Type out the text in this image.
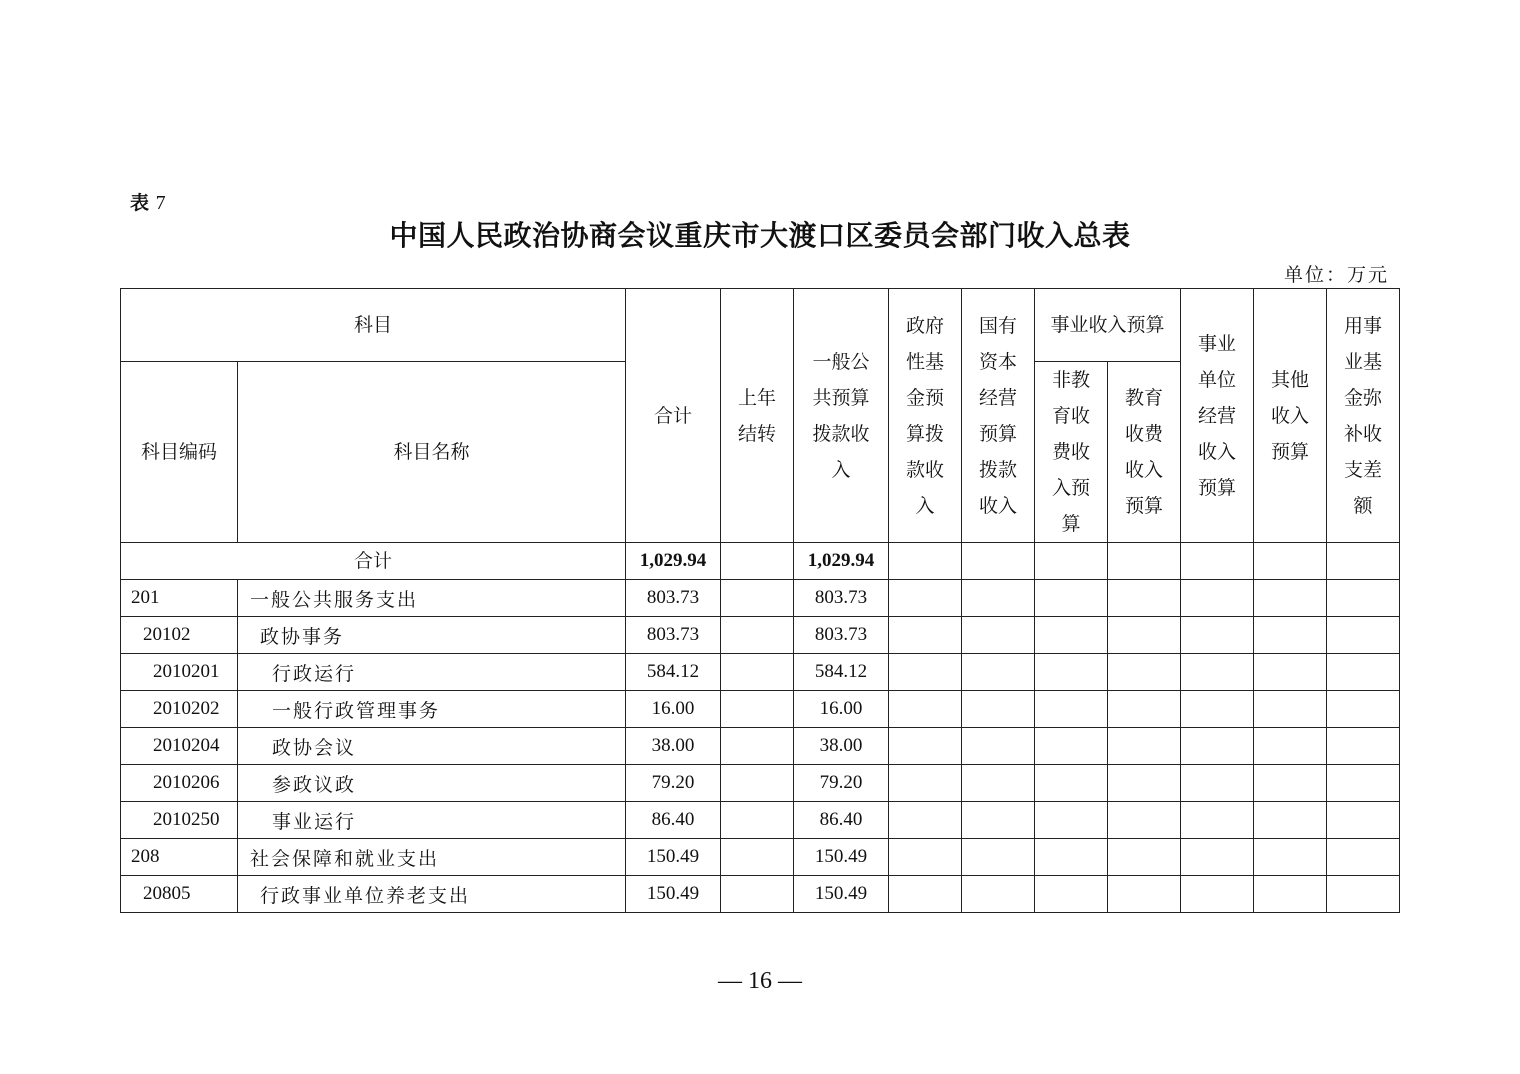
表 7
中国人民政治协商会议重庆市大渡口区委员会部门收入总表
单位：万元
科目		合计	上年结转	一般公共预算拨款收入	政府性基金预算拨款收入	国有资本经营预算拨款收入	事业收入预算		事业单位经营收入预算	其他收入预算	用事业基金弥补收支差额
科目编码	科目名称						非教育收费收入预算	教育收费收入预算			
合计		1,029.94		1,029.94							
201	一般公共服务支出	803.73		803.73							
20102	政协事务	803.73		803.73							
2010201	行政运行	584.12		584.12							
2010202	一般行政管理事务	16.00		16.00							
2010204	政协会议	38.00		38.00							
2010206	参政议政	79.20		79.20							
2010250	事业运行	86.40		86.40							
208	社会保障和就业支出	150.49		150.49							
20805	行政事业单位养老支出	150.49		150.49							
— 16 —
